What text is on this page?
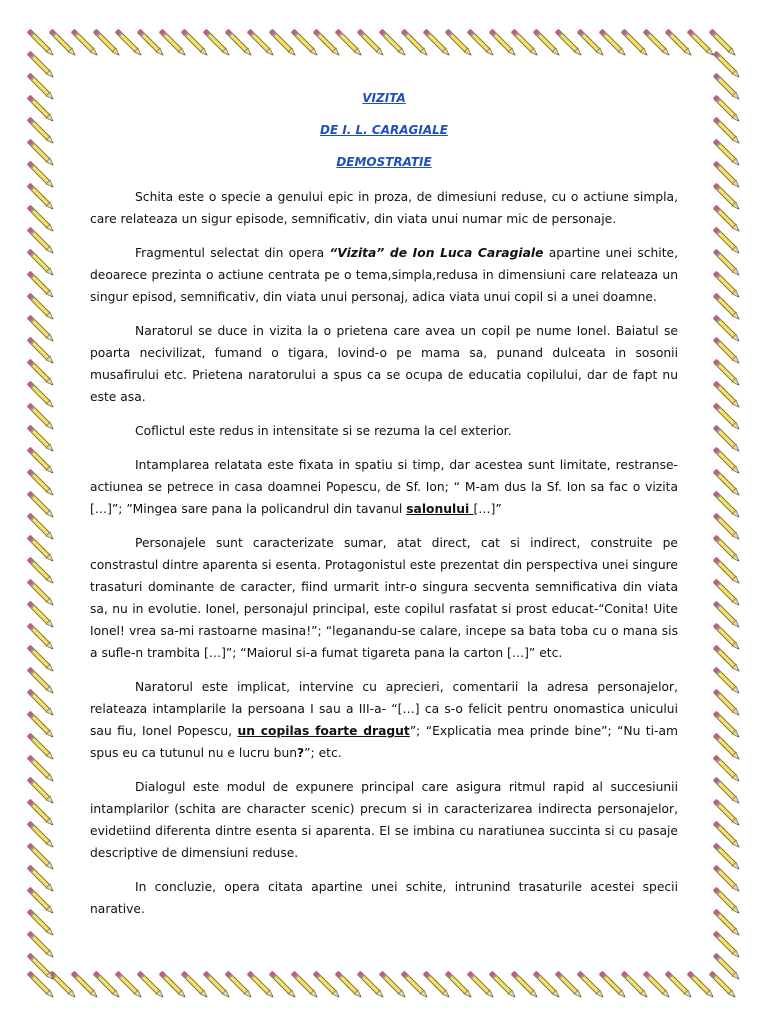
VIZITA
DE I. L. CARAGIALE
DEMOSTRATIE

Schita este o specie a genului epic in proza, de dimesiuni reduse, cu o actiune simpla, care relateaza un sigur episode, semnificativ, din viata unui numar mic de personaje.

Fragmentul selectat din opera “Vizita” de Ion Luca Caragiale apartine unei schite, deoarece prezinta o actiune centrata pe o tema,simpla,redusa in dimensiuni care relateaza un singur episod, semnificativ, din viata unui personaj, adica viata unui copil si a unei doamne.

Naratorul se duce in vizita la o prietena care avea un copil pe nume Ionel. Baiatul se poarta necivilizat, fumand o tigara, lovind-o pe mama sa, punand dulceata in sosonii musafirului etc. Prietena naratorului a spus ca se ocupa de educatia copilului, dar de fapt nu este asa.

Coflictul este redus in intensitate si se rezuma la cel exterior.

Intamplarea relatata este fixata in spatiu si timp, dar acestea sunt limitate, restranse- actiunea se petrece in casa doamnei Popescu, de Sf. Ion; “ M-am dus la Sf. Ion sa fac o vizita […]”; ”Mingea sare pana la policandrul din tavanul salonului […]”

Personajele sunt caracterizate sumar, atat direct, cat si indirect, construite pe constrastul dintre aparenta si esenta. Protagonistul este prezentat din perspectiva unei singure trasaturi dominante de caracter, fiind urmarit intr-o singura secventa semnificativa din viata sa, nu in evolutie. Ionel, personajul principal, este copilul rasfatat si prost educat-“Conita! Uite Ionel! vrea sa-mi rastoarne masina!”; “leganandu-se calare, incepe sa bata toba cu o mana sis a sufle-n trambita […]”; “Maiorul si-a fumat tigareta pana la carton […]” etc.

Naratorul este implicat, intervine cu aprecieri, comentarii la adresa personajelor, relateaza intamplarile la persoana I sau a III-a- “[…] ca s-o felicit pentru onomastica unicului sau fiu, Ionel Popescu, un copilas foarte dragut”; “Explicatia mea prinde bine”; “Nu ti-am spus eu ca tutunul nu e lucru bun?”; etc.

Dialogul este modul de expunere principal care asigura ritmul rapid al succesiunii intamplarilor (schita are character scenic) precum si in caracterizarea indirecta personajelor, evidetiind diferenta dintre esenta si aparenta. El se imbina cu naratiunea succinta si cu pasaje descriptive de dimensiuni reduse.

In concluzie, opera citata apartine unei schite, intrunind trasaturile acestei specii narative.
